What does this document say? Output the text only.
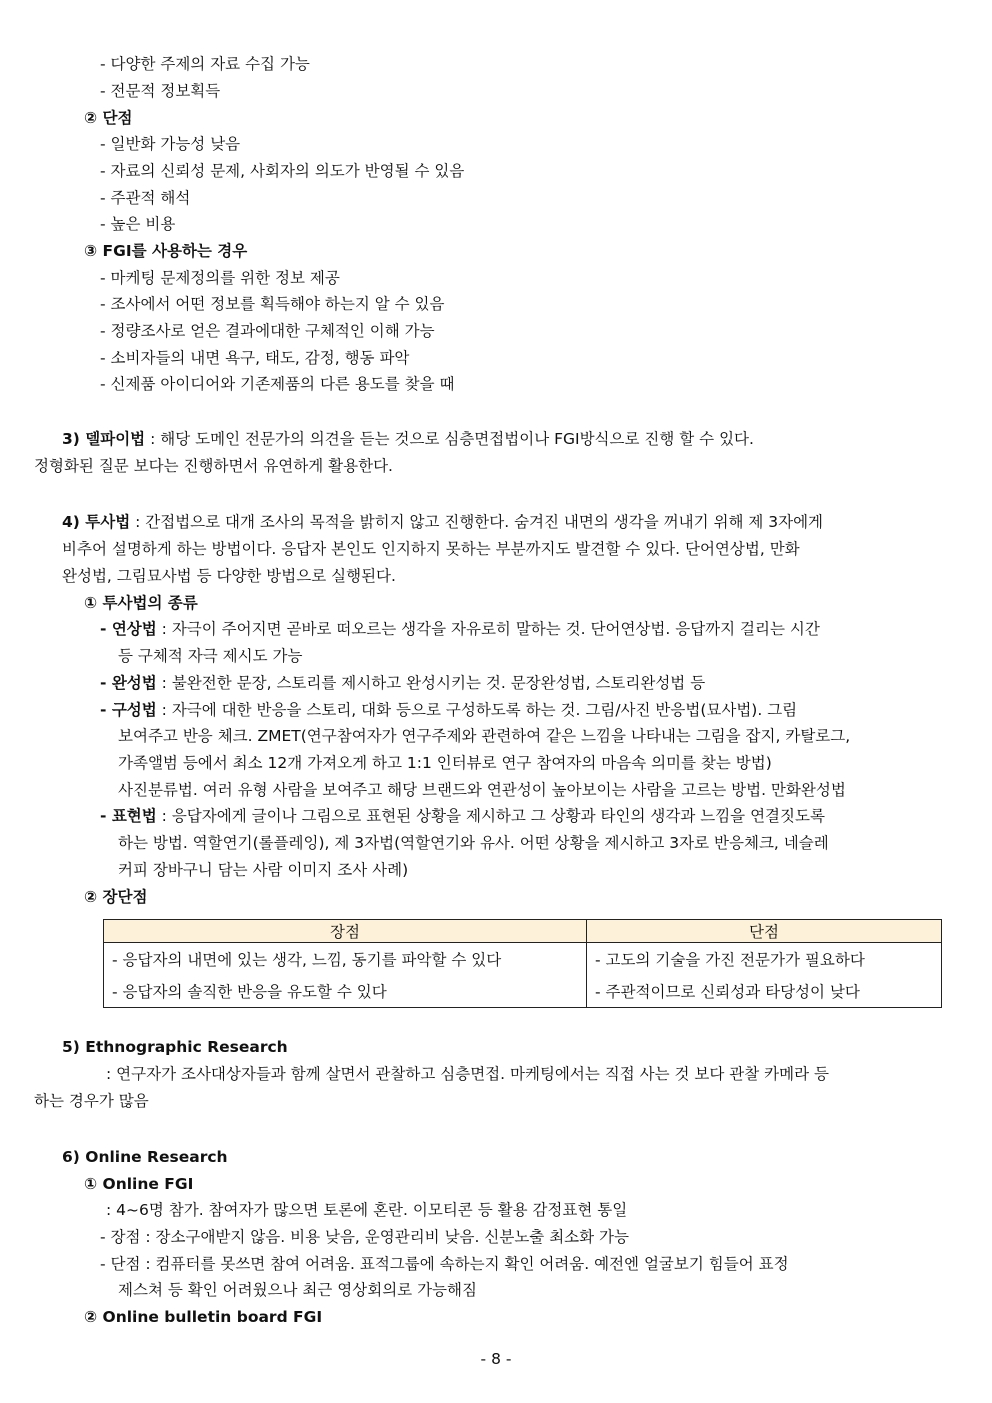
- 다양한 주제의 자료 수집 가능
- 전문적 정보획득
② 단점
- 일반화 가능성 낮음
- 자료의 신뢰성 문제, 사회자의 의도가 반영될 수 있음
- 주관적 해석
- 높은 비용
③ FGI를 사용하는 경우
- 마케팅 문제정의를 위한 정보 제공
- 조사에서 어떤 정보를 획득해야 하는지 알 수 있음
- 정량조사로 얻은 결과에대한 구체적인 이해 가능
- 소비자들의 내면 욕구, 태도, 감정, 행동 파악
- 신제품 아이디어와 기존제품의 다른 용도를 찾을 때
3) 델파이법 : 해당 도메인 전문가의 의견을 듣는 것으로 심층면접법이나 FGI방식으로 진행 할 수 있다.
정형화된 질문 보다는 진행하면서 유연하게 활용한다.
4) 투사법 : 간접법으로 대개 조사의 목적을 밝히지 않고 진행한다. 숨겨진 내면의 생각을 꺼내기 위해 제 3자에게
비추어 설명하게 하는 방법이다. 응답자 본인도 인지하지 못하는 부분까지도 발견할 수 있다. 단어연상법, 만화
완성법, 그림묘사법 등 다양한 방법으로 실행된다.
① 투사법의 종류
- 연상법 : 자극이 주어지면 곧바로 떠오르는 생각을 자유로히 말하는 것. 단어연상법. 응답까지 걸리는 시간
등 구체적 자극 제시도 가능
- 완성법 : 불완전한 문장, 스토리를 제시하고 완성시키는 것. 문장완성법, 스토리완성법 등
- 구성법 : 자극에 대한 반응을 스토리, 대화 등으로 구성하도록 하는 것. 그림/사진 반응법(묘사법). 그림
보여주고 반응 체크. ZMET(연구참여자가 연구주제와 관련하여 같은 느낌을 나타내는 그림을 잡지, 카탈로그,
가족앨범 등에서 최소 12개 가져오게 하고 1:1 인터뷰로 연구 참여자의 마음속 의미를 찾는 방법)
사진분류법. 여러 유형 사람을 보여주고 해당 브랜드와 연관성이 높아보이는 사람을 고르는 방법. 만화완성법
- 표현법 : 응답자에게 글이나 그림으로 표현된 상황을 제시하고 그 상황과 타인의 생각과 느낌을 연결짓도록
하는 방법. 역할연기(롤플레잉), 제 3자법(역할연기와 유사. 어떤 상황을 제시하고 3자로 반응체크, 네슬레
커피 장바구니 담는 사람 이미지 조사 사례)
② 장단점
장점	단점
- 응답자의 내면에 있는 생각, 느낌, 동기를 파악할 수 있다	- 고도의 기술을 가진 전문가가 필요하다
- 응답자의 솔직한 반응을 유도할 수 있다	- 주관적이므로 신뢰성과 타당성이 낮다
5) Ethnographic Research
: 연구자가 조사대상자들과 함께 살면서 관찰하고 심층면접. 마케팅에서는 직접 사는 것 보다 관찰 카메라 등
하는 경우가 많음
6) Online Research
① Online FGI
: 4~6명 참가. 참여자가 많으면 토론에 혼란. 이모티콘 등 활용 감정표현 통일
- 장점 : 장소구애받지 않음. 비용 낮음, 운영관리비 낮음. 신분노출 최소화 가능
- 단점 : 컴퓨터를 못쓰면 참여 어려움. 표적그룹에 속하는지 확인 어려움. 예전엔 얼굴보기 힘들어 표정
제스쳐 등 확인 어려웠으나 최근 영상회의로 가능해짐
② Online bulletin board FGI
- 8 -
